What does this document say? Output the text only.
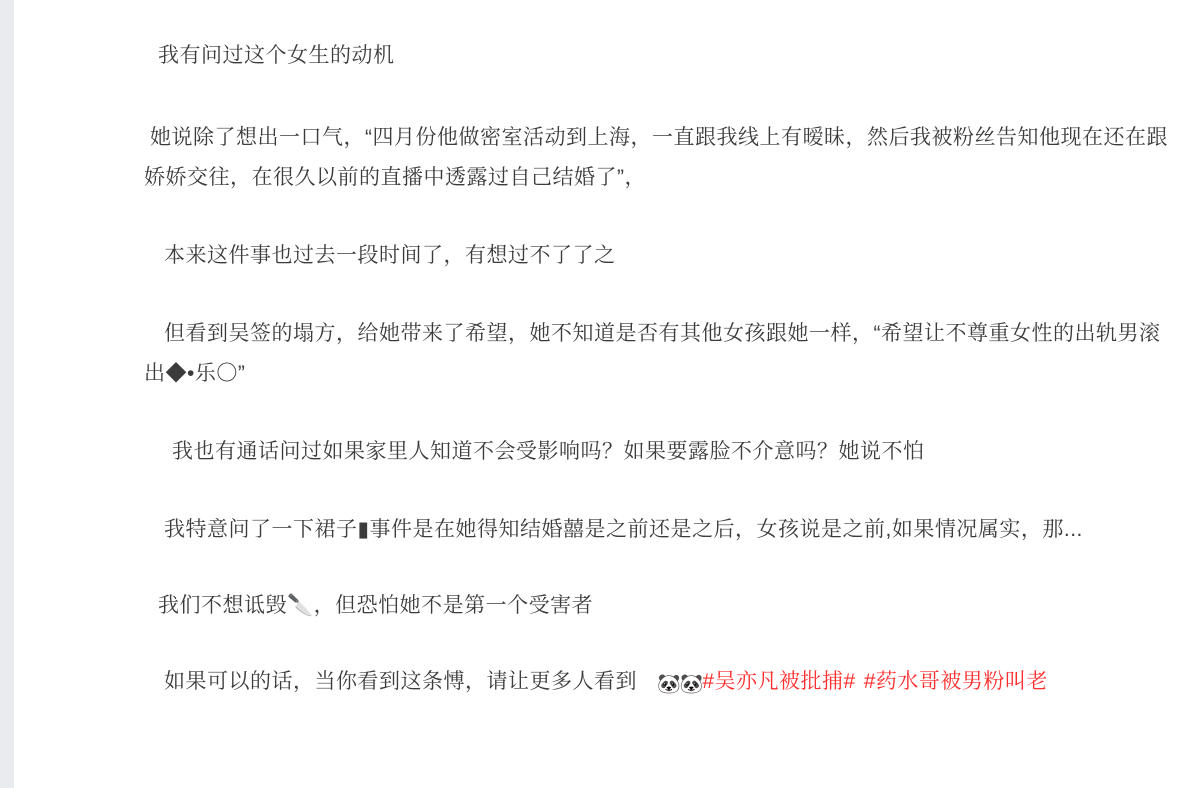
我有问过这个女生的动机

她说除了想出一口气，“四月份他做密室活动到上海，一直跟我线上有暧昧，然后我被粉丝告知他现在还在跟娇娇交往，在很久以前的直播中透露过自己结婚了”，

本来这件事也过去一段时间了，有想过不了了之

但看到吴签的塌方，给她带来了希望，她不知道是否有其他女孩跟她一样，“希望让不尊重女性的出轨男滚出◆•乐〇”

我也有通话问过如果家里人知道不会受影响吗？如果要露脸不介意吗？她说不怕

我特意问了一下裙子▮事件是在她得知结婚囍是之前还是之后，女孩说是之前,如果情况属实，那...

我们不想诋毁🔪，但恐怕她不是第一个受害者

如果可以的话，当你看到这条愽，请让更多人看到 🐼🐼#吴亦凡被批捕# #药水哥被男粉叫老
